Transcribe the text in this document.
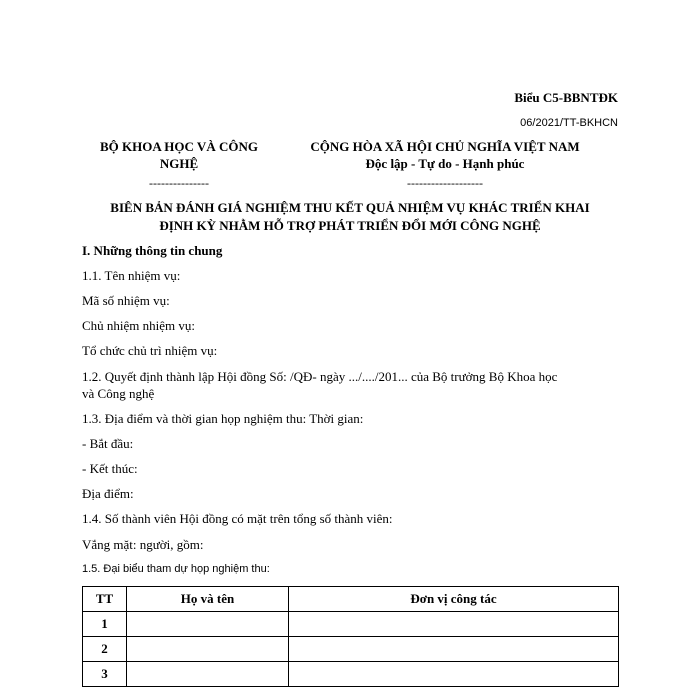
Biểu C5-BBNTĐK
06/2021/TT-BKHCN
BỘ KHOA HỌC VÀ CÔNG NGHỆ
---------------
CỘNG HÒA XÃ HỘI CHỦ NGHĨA VIỆT NAM
Độc lập - Tự do - Hạnh phúc
-------------------
BIÊN BẢN ĐÁNH GIÁ NGHIỆM THU KẾT QUẢ NHIỆM VỤ KHÁC TRIỂN KHAI
ĐỊNH KỲ NHẰM HỖ TRỢ PHÁT TRIỂN ĐỔI MỚI CÔNG NGHỆ
I. Những thông tin chung
1.1. Tên nhiệm vụ:
Mã số nhiệm vụ:
Chủ nhiệm nhiệm vụ:
Tổ chức chủ trì nhiệm vụ:
1.2. Quyết định thành lập Hội đồng Số: /QĐ- ngày .../..../201... của Bộ trưởng Bộ Khoa học
và Công nghệ
1.3. Địa điểm và thời gian họp nghiệm thu: Thời gian:
- Bắt đầu:
- Kết thúc:
Địa điểm:
1.4. Số thành viên Hội đồng có mặt trên tổng số thành viên:
Vắng mặt: người, gồm:
1.5. Đại biểu tham dự họp nghiệm thu:
TT	Họ và tên	Đơn vị công tác
1		
2		
3		
